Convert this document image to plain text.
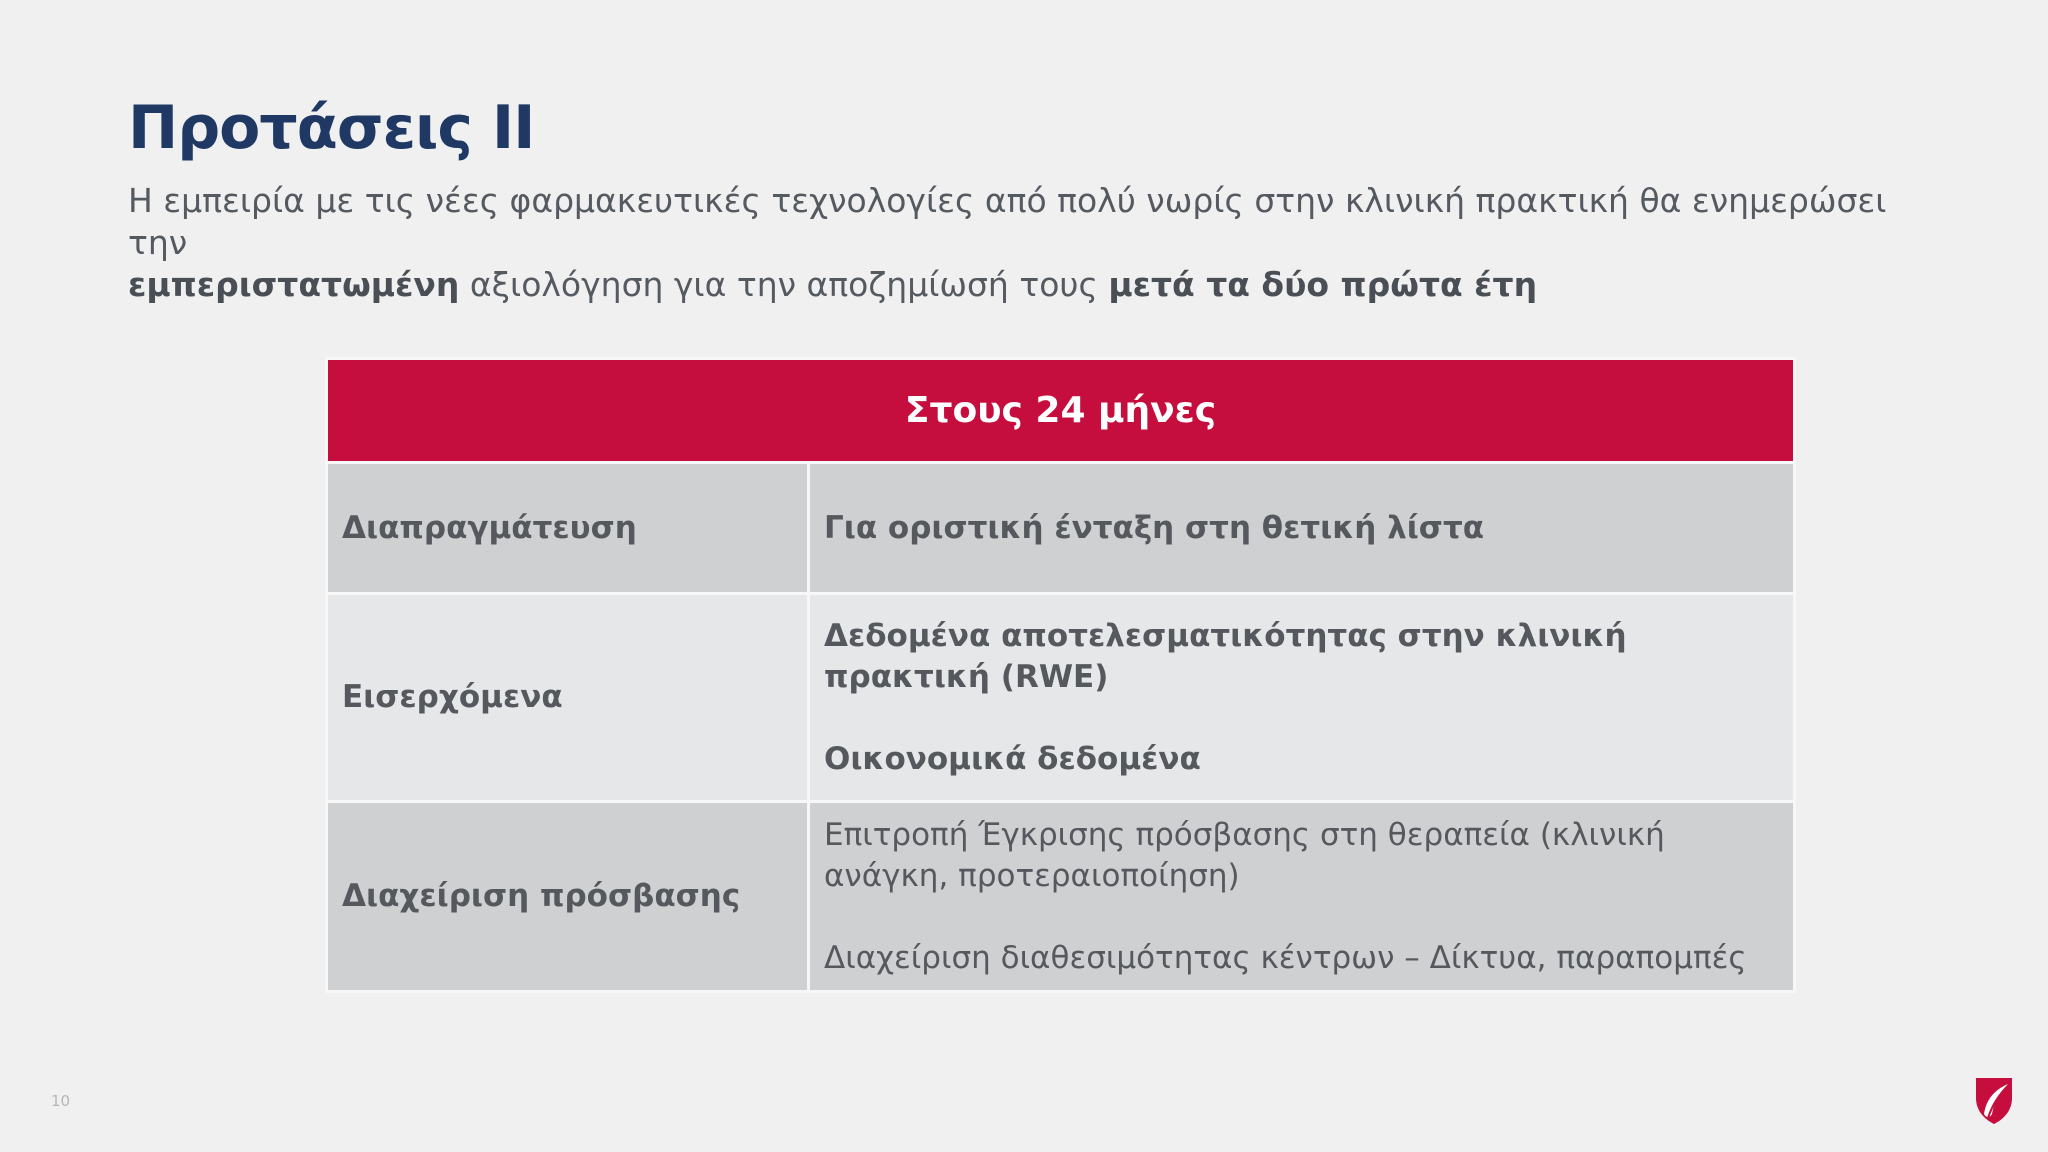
Προτάσεις ΙΙ

Η εμπειρία με τις νέες φαρμακευτικές τεχνολογίες από πολύ νωρίς στην κλινική πρακτική θα ενημερώσει την
εμπεριστατωμένη αξιολόγηση για την αποζημίωσή τους μετά τα δύο πρώτα έτη

Στους 24 μήνες	
Διαπραγμάτευση	Για οριστική ένταξη στη θετική λίστα

Εισερχόμενα	Δεδομένα αποτελεσματικότητας στην κλινική πρακτική (RWE)
Οικονομικά δεδομένα

Διαχείριση πρόσβασης	Επιτροπή Έγκρισης πρόσβασης στη θεραπεία (κλινική ανάγκη, προτεραιοποίηση)
Διαχείριση διαθεσιμότητας κέντρων – Δίκτυα, παραπομπές
10
